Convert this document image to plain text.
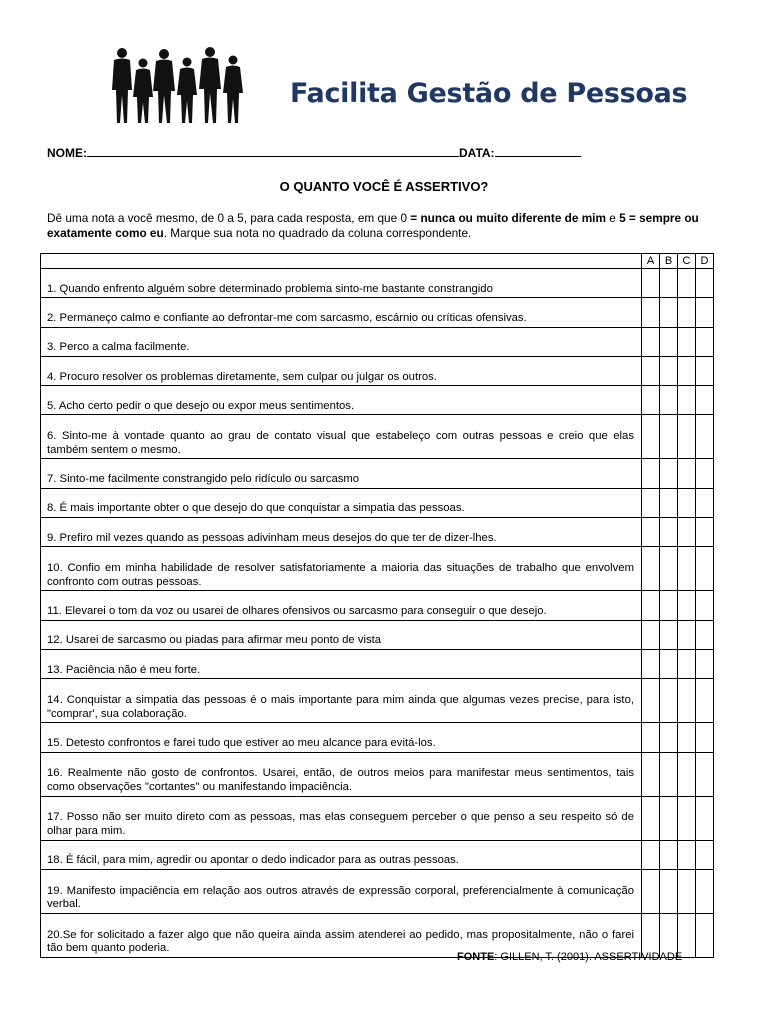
Facilita Gestão de Pessoas
NOME:	DATA:
O QUANTO VOCÊ É ASSERTIVO?
Dê uma nota a você mesmo, de 0 a 5, para cada resposta, em que 0 = nunca ou muito diferente de mim e 5 = sempre ou exatamente como eu. Marque sua nota no quadrado da coluna correspondente.
	A	B	C	D
1. Quando enfrento alguém sobre determinado problema sinto-me bastante constrangido				
2. Permaneço calmo e confiante ao defrontar-me com sarcasmo, escárnio ou críticas ofensivas.				
3. Perco a calma facilmente.				
4. Procuro resolver os problemas diretamente, sem culpar ou julgar os outros.				
5. Acho certo pedir o que desejo ou expor meus sentimentos.				
6. Sinto-me à vontade quanto ao grau de contato visual que estabeleço com outras pessoas e creio que elas também sentem o mesmo.				
7. Sinto-me facilmente constrangido pelo ridículo ou sarcasmo				
8. É mais importante obter o que desejo do que conquistar a simpatia das pessoas.				
9. Prefiro mil vezes quando as pessoas adivinham meus desejos do que ter de dizer-lhes.				
10. Confio em minha habilidade de resolver satisfatoriamente a maioria das situações de trabalho que envolvem confronto com outras pessoas.				
11. Elevarei o tom da voz ou usarei de olhares ofensivos ou sarcasmo para conseguir o que desejo.				
12. Usarei de sarcasmo ou piadas para afirmar meu ponto de vista				
13. Paciência não é meu forte.				
14. Conquistar a simpatia das pessoas é o mais importante para mim ainda que algumas vezes precise, para isto, "comprar', sua colaboração.				
15. Detesto confrontos e farei tudo que estiver ao meu alcance para evitá-los.				
16. Realmente não gosto de confrontos. Usarei, então, de outros meios para manifestar meus sentimentos, tais como observações "cortantes" ou manifestando impaciência.				
17. Posso não ser muito direto com as pessoas, mas elas conseguem perceber o que penso a seu respeito só de olhar para mim.				
18. É fácil, para mim, agredir ou apontar o dedo indicador para as outras pessoas.				
19. Manifesto impaciência em relação aos outros através de expressão corporal, preferencialmente à comunicação verbal.				
20.Se for solicitado a fazer algo que não queira ainda assim atenderei ao pedido, mas propositalmente, não o farei tão bem quanto poderia.				
FONTE: GILLEN, T. (2001). ASSERTIVIDADE
